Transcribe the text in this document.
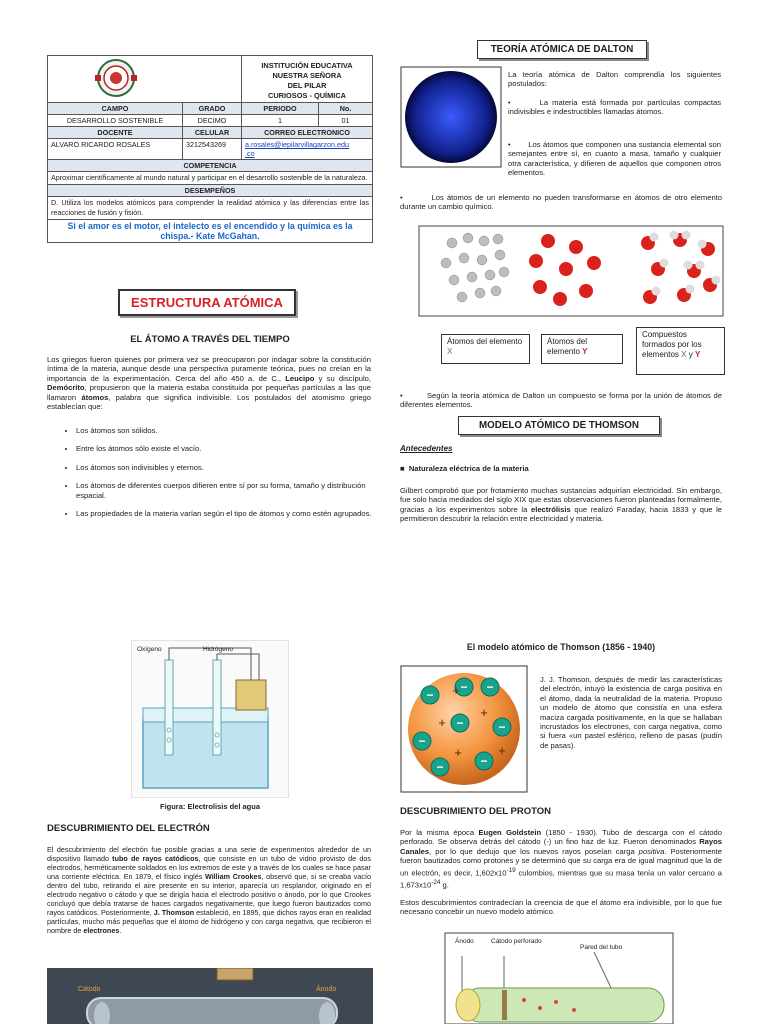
INSTITUCIÓN EDUCATIVA NUESTRA SEÑORA
DEL PILAR
CURIOSOS - QUÍMICA	

CAMPO	GRADO	PERIODO	No.
DESARROLLO SOSTENIBLE	DECIMO	1	01
DOCENTE	CELULAR	CORREO ELECTRONICO	
ALVARO RICARDO ROSALES	3212543269	a.rosales@iepilarvillagarzon.edu
.co	
COMPETENCIA			
Aproximar científicamente al mundo natural y participar en el desarrollo sostenible de la naturaleza.			
DESEMPEÑOS			
D. Utiliza los modelos atómicos para comprender la realidad atómica y las diferencias entre las reacciones de fusión y fisión.			
Si el amor es el motor, el intelecto es el encendido y la química es la chispa.- Kate McGahan.			
ESTRUCTURA ATÓMICA
EL ÁTOMO A TRAVÉS DEL TIEMPO

Los griegos fueron quienes por primera vez se preocuparon por indagar sobre la constitución íntima de la materia, aunque desde una perspectiva puramente teórica, pues no creían en la importancia de la experimentación. Cerca del año 450 a. de C., Leucipo y su discípulo, Demócrito, propusieron que la materia estaba constituida por pequeñas partículas a las que llamaron átomos, palabra que significa indivisible. Los postulados del atomismo griego establecían que:

• Los átomos son sólidos.
• Entre los átomos sólo existe el vacío.
• Los átomos son indivisibles y eternos.
• Los átomos de diferentes cuerpos difieren entre sí por su forma, tamaño y distribución espacial.
• Las propiedades de la materia varían según el tipo de átomos y como estén agrupados.
Oxígeno	Hidrógeno
Figura: Electrolisis del agua
DESCUBRIMIENTO DEL ELECTRÓN

El descubrimiento del electrón fue posible gracias a una serie de experimentos alrededor de un dispositivo llamado tubo de rayos catódicos, que consiste en un tubo de vidrio provisto de dos electrodos, herméticamente soldados en los extremos de este y a través de los cuales se hace pasar una corriente eléctrica. En 1879, el físico inglés William Crookes, observó que, si se creaba vacío dentro del tubo, retirando el aire presente en su interior, aparecía un resplandor, originado en el electrodo negativo o cátodo y que se dirigía hacia el electrodo positivo o ánodo, por lo que Crookes concluyó que debía tratarse de haces cargados negativamente, que luego fueron bautizados como rayos catódicos. Posteriormente, J. Thomson estableció, en 1895, que dichos rayos eran en realidad partículas, mucho más pequeñas que el átomo de hidrógeno y con carga negativa, que recibieron el nombre de electrones.

Cátodo	Ánodo
TEORÍA ATÓMICA DE DALTON

La teoría atómica de Dalton comprendía los siguientes postulados:

•       La materia está formada por partículas compactas indivisibles e indestructibles llamadas átomos.

•       Los átomos que componen una sustancia elemental son semejantes entre sí, en cuanto a masa, tamaño y cualquier otra característica, y difieren de aquellos que componen otros elementos.

•         Los átomos de un elemento no pueden transformarse en átomos de otro elemento durante un cambio químico.

Átomos del elemento X
Átomos del elemento Y
Compuestos formados por los elementos X y Y

•         Según la teoría atómica de Dalton un compuesto se forma por la unión de átomos de diferentes elementos.

MODELO ATÓMICO DE THOMSON
Antecedentes
■  Naturaleza eléctrica de la materia

Gilbert comprobó que por frotamiento muchas sustancias adquirían electricidad. Sin embargo, fue solo hacia mediados del siglo XIX que estas observaciones fueron planteadas formalmente, gracias a los experimentos sobre la electrólisis que realizó Faraday, hacia 1833 y que le permitieron descubrir la relación entre electricidad y materia.

El modelo atómico de Thomson (1856 - 1940)
−
−
−
−
−
−
−
−
+
+
+
+	+

J. J. Thomson, después de medir las características del electrón, intuyó la existencia de carga positiva en el átomo, dada la neutralidad de la materia. Propuso un modelo de átomo que consistía en una esfera maciza cargada positivamente, en la que se hallaban incrustados los electrones, con carga negativa, como si fuera «un pastel esférico, relleno de pasas (pudín de pasas).

DESCUBRIMIENTO DEL PROTON

Por la misma época Eugen Goldstein (1850 - 1930). Tubo de descarga con el cátodo perforado. Se observa detrás del cátodo (-) un fino haz de luz. Fueron denominados Rayos Canales, por lo que dedujo que los nuevos rayos poseían carga positiva. Posteriormente fueron bautizados como protones y se determinó que su carga era de igual magnitud que la de un electrón, es decir, $1,602x10^{-19}$ culombios, mientras que su masa tenía un valor cercano a $1,673x10^{-24}$ g.

Estos descubrimientos contradecían la creencia de que el átomo era indivisible, por lo que fue necesario concebir un nuevo modelo atómico.

Ánodo	Cátodo perforado
Pared del tubo
